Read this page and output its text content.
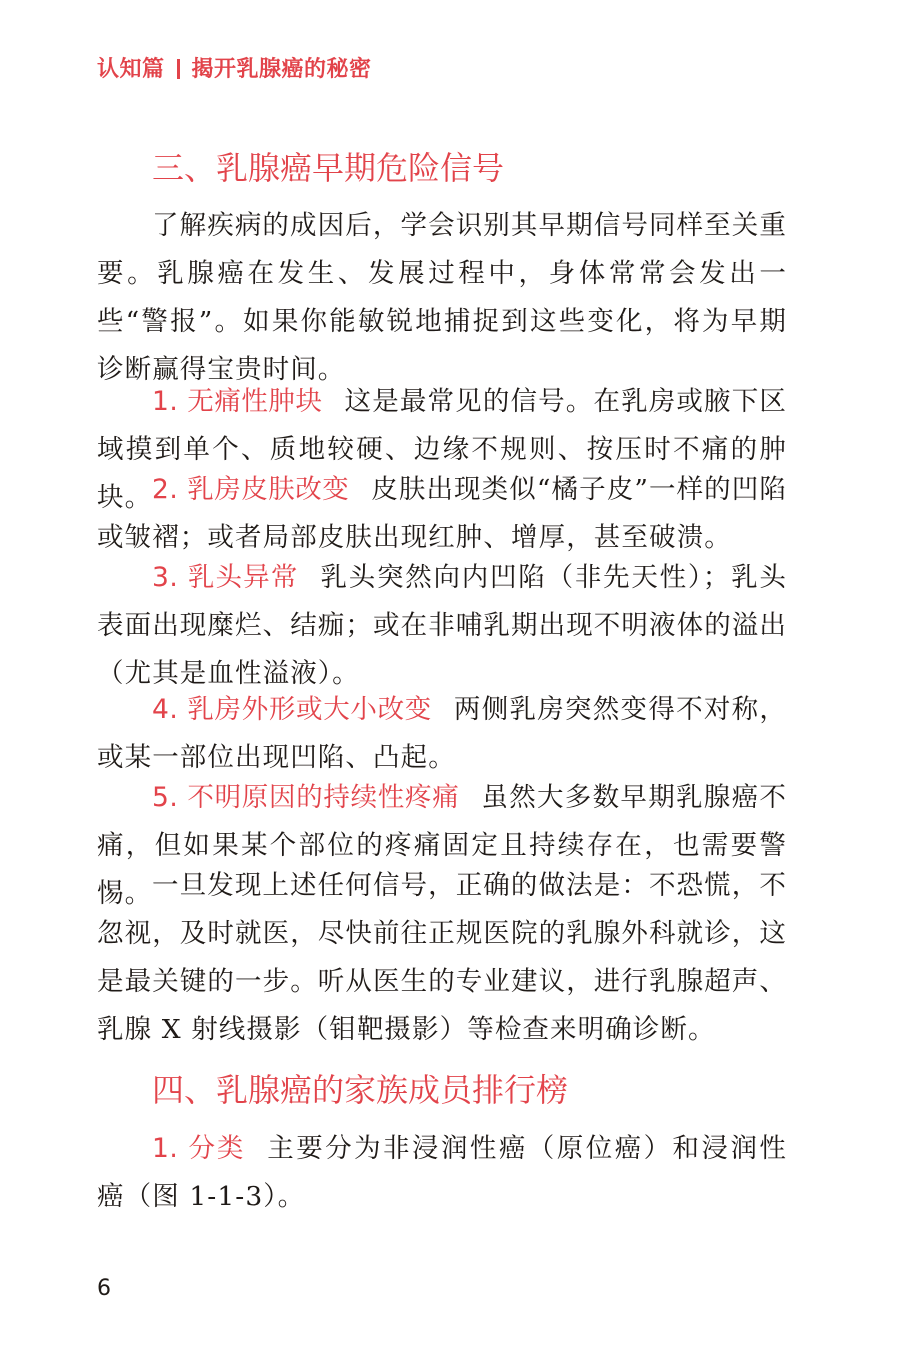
认知篇 揭开乳腺癌的秘密
三、乳腺癌早期危险信号

了解疾病的成因后，学会识别其早期信号同样至关重要。乳腺癌在发生、发展过程中，身体常常会发出一些“警报”。如果你能敏锐地捕捉到这些变化，将为早期诊断赢得宝贵时间。

1. 无痛性肿块 这是最常见的信号。在乳房或腋下区域摸到单个、质地较硬、边缘不规则、按压时不痛的肿块。 2. 乳房皮肤改变 皮肤出现类似“橘子皮”一样的凹陷或皱褶；或者局部皮肤出现红肿、增厚，甚至破溃。

3. 乳头异常 乳头突然向内凹陷（非先天性）；乳头表面出现糜烂、结痂；或在非哺乳期出现不明液体的溢出（尤其是血性溢液）。

4. 乳房外形或大小改变 两侧乳房突然变得不对称，或某一部位出现凹陷、凸起。

5. 不明原因的持续性疼痛 虽然大多数早期乳腺癌不痛，但如果某个部位的疼痛固定且持续存在，也需要警惕。 一旦发现上述任何信号，正确的做法是：不恐慌，不忽视，及时就医，尽快前往正规医院的乳腺外科就诊，这是最关键的一步。听从医生的专业建议，进行乳腺超声、乳腺 X 射线摄影（钼靶摄影）等检查来明确诊断。

四、乳腺癌的家族成员排行榜

1. 分类 主要分为非浸润性癌（原位癌）和浸润性癌（图 1-1-3）。

6
